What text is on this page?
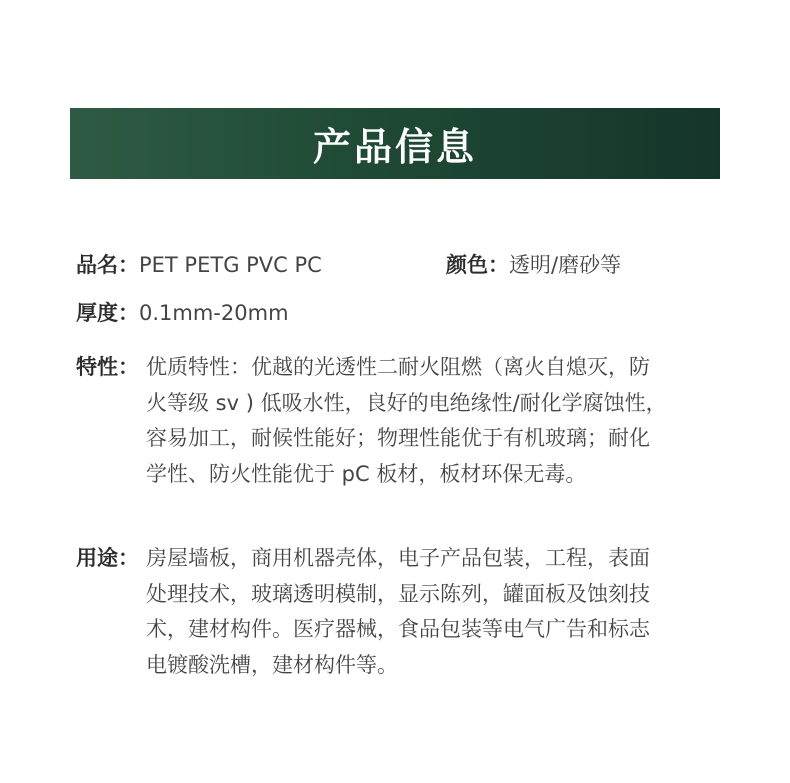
产品信息
品名：PET PETG PVC PC	颜色：透明/磨砂等
厚度：0.1mm-20mm
特性： 优质特性：优越的光透性二耐火阻燃（离火自熄灭，防
火等级 sv ) 低吸水性，良好的电绝缘性/耐化学腐蚀性，
容易加工，耐候性能好；物理性能优于有机玻璃；耐化
学性、防火性能优于 pC 板材，板材环保无毒。
用途： 房屋墙板，商用机器壳体，电子产品包装，工程，表面
处理技术，玻璃透明模制，显示陈列，罐面板及蚀刻技
术，建材构件。医疗器械，食品包装等电气广告和标志
电镀酸洗槽，建材构件等。
